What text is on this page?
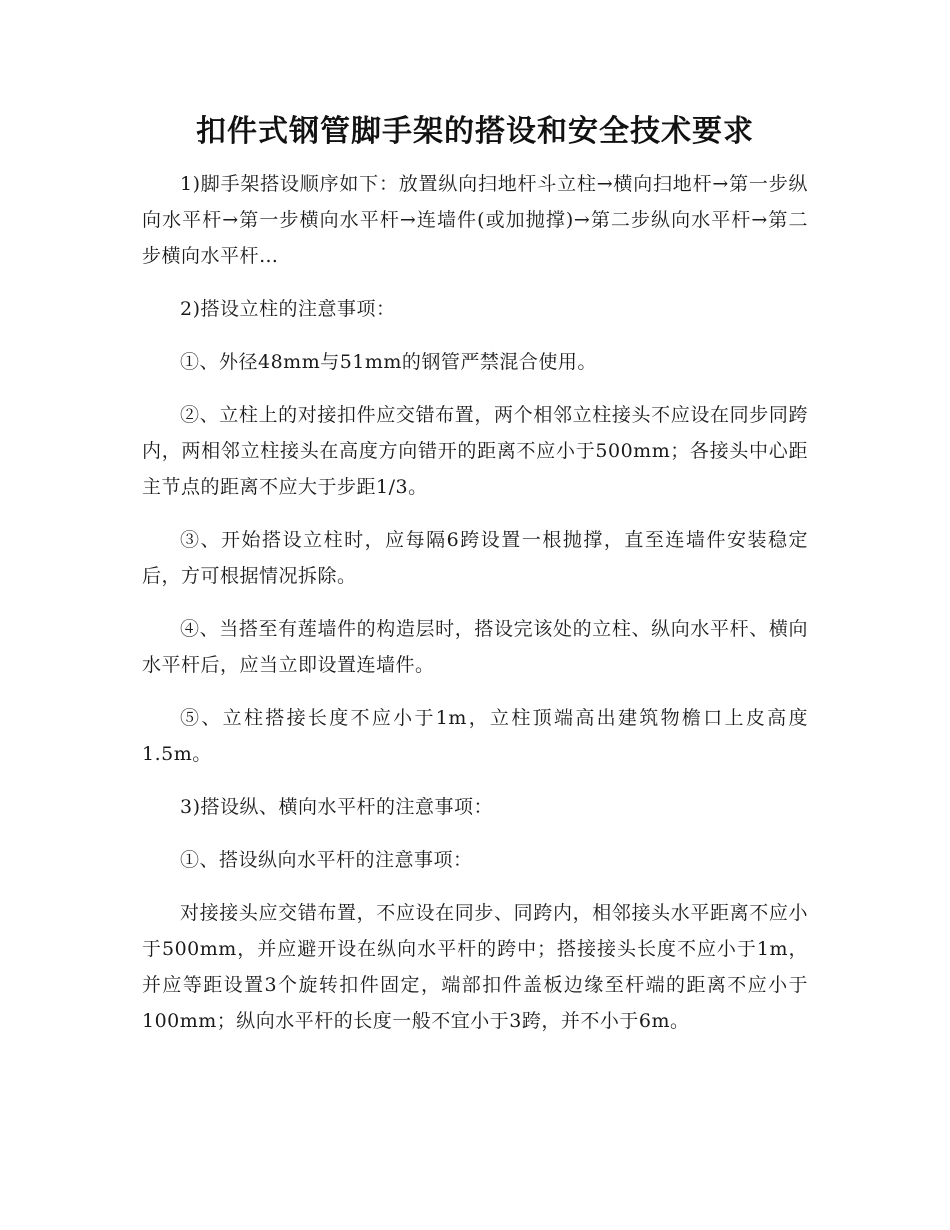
扣件式钢管脚手架的搭设和安全技术要求

1)脚手架搭设顺序如下：放置纵向扫地杆斗立柱→横向扫地杆→第一步纵向水平杆→第一步横向水平杆→连墙件(或加抛撑)→第二步纵向水平杆→第二步横向水平杆…

2)搭设立柱的注意事项：

①、外径48mm与51mm的钢管严禁混合使用。

②、立柱上的对接扣件应交错布置，两个相邻立柱接头不应设在同步同跨内，两相邻立柱接头在高度方向错开的距离不应小于500mm；各接头中心距主节点的距离不应大于步距1/3。

③、开始搭设立柱时，应每隔6跨设置一根抛撑，直至连墙件安装稳定后，方可根据情况拆除。

④、当搭至有莲墙件的构造层时，搭设完该处的立柱、纵向水平杆、横向水平杆后，应当立即设置连墙件。

⑤、立柱搭接长度不应小于1m，立柱顶端高出建筑物檐口上皮高度1.5m。

3)搭设纵、横向水平杆的注意事项：

①、搭设纵向水平杆的注意事项：

对接接头应交错布置，不应设在同步、同跨内，相邻接头水平距离不应小于500mm，并应避开设在纵向水平杆的跨中；搭接接头长度不应小于1m，并应等距设置3个旋转扣件固定，端部扣件盖板边缘至杆端的距离不应小于100mm；纵向水平杆的长度一般不宜小于3跨，并不小于6m。
